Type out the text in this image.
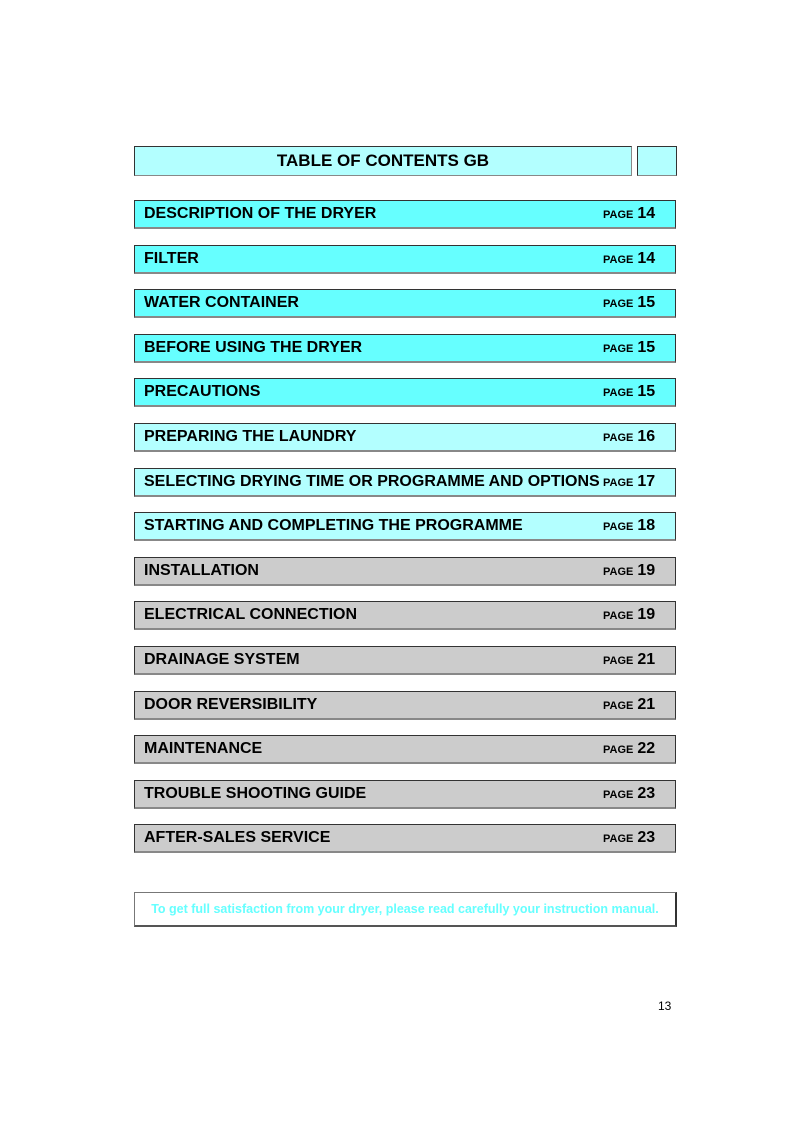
TABLE OF CONTENTS GB
DESCRIPTION OF THE DRYER	PAGE 14
FILTER	PAGE 14
WATER CONTAINER	PAGE 15
BEFORE USING THE DRYER	PAGE 15
PRECAUTIONS	PAGE 15
PREPARING THE LAUNDRY	PAGE 16
SELECTING DRYING TIME OR PROGRAMME AND OPTIONS PAGE 17
STARTING AND COMPLETING THE PROGRAMME	PAGE 18
INSTALLATION	PAGE 19
ELECTRICAL CONNECTION	PAGE 19
DRAINAGE SYSTEM	PAGE 21
DOOR REVERSIBILITY	PAGE 21
MAINTENANCE	PAGE 22
TROUBLE SHOOTING GUIDE	PAGE 23
AFTER-SALES SERVICE	PAGE 23
To get full satisfaction from your dryer, please read carefully your instruction manual.
13
